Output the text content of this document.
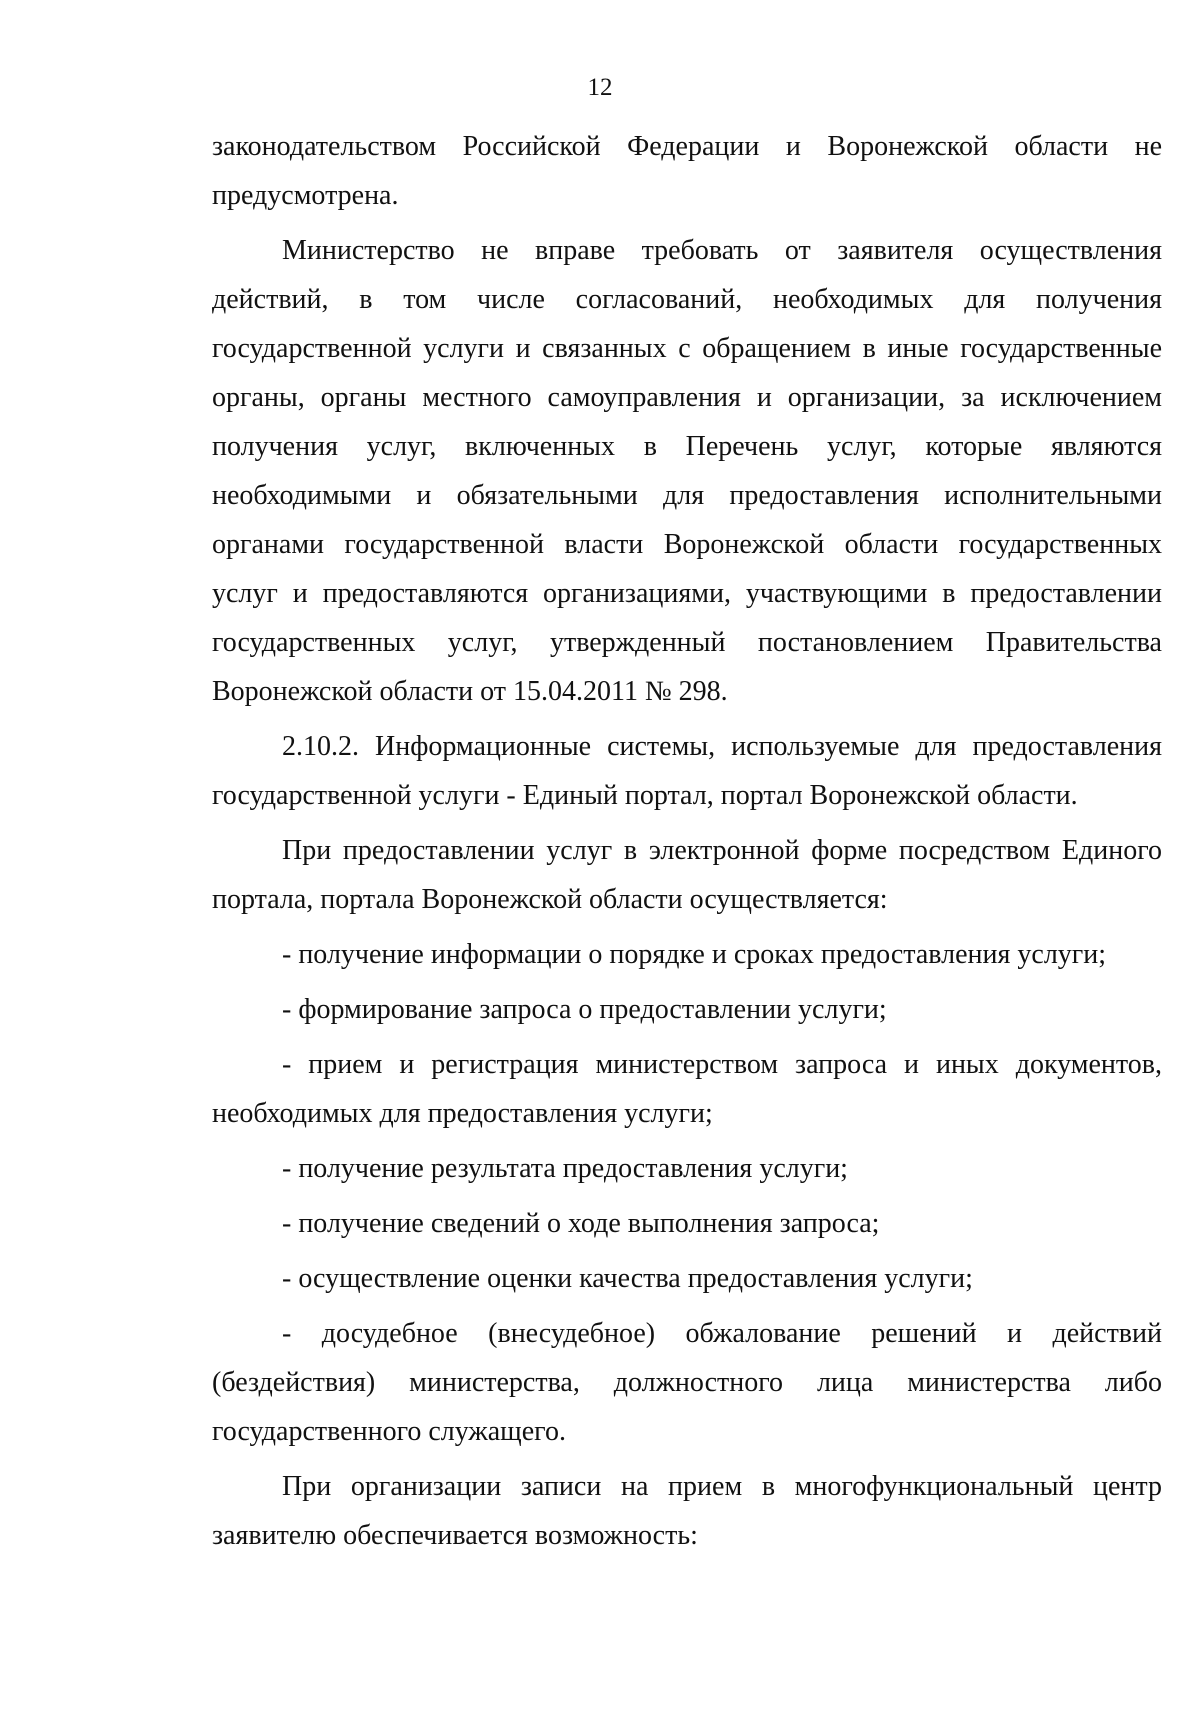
12

законодательством Российской Федерации и Воронежской области не предусмотрена.

Министерство не вправе требовать от заявителя осуществления действий, в том числе согласований, необходимых для получения государственной услуги и связанных с обращением в иные государственные органы, органы местного самоуправления и организации, за исключением получения услуг, включенных в Перечень услуг, которые являются необходимыми и обязательными для предоставления исполнительными органами государственной власти Воронежской области государственных услуг и предоставляются организациями, участвующими в предоставлении государственных услуг, утвержденный постановлением Правительства Воронежской области от 15.04.2011 № 298.

2.10.2. Информационные системы, используемые для предоставления государственной услуги - Единый портал, портал Воронежской области.

При предоставлении услуг в электронной форме посредством Единого портала, портала Воронежской области осуществляется:

- получение информации о порядке и сроках предоставления услуги;

- формирование запроса о предоставлении услуги;

- прием и регистрация министерством запроса и иных документов, необходимых для предоставления услуги;

- получение результата предоставления услуги;

- получение сведений о ходе выполнения запроса;

- осуществление оценки качества предоставления услуги;

- досудебное (внесудебное) обжалование решений и действий (бездействия) министерства, должностного лица министерства либо государственного служащего.

При организации записи на прием в многофункциональный центр заявителю обеспечивается возможность:
